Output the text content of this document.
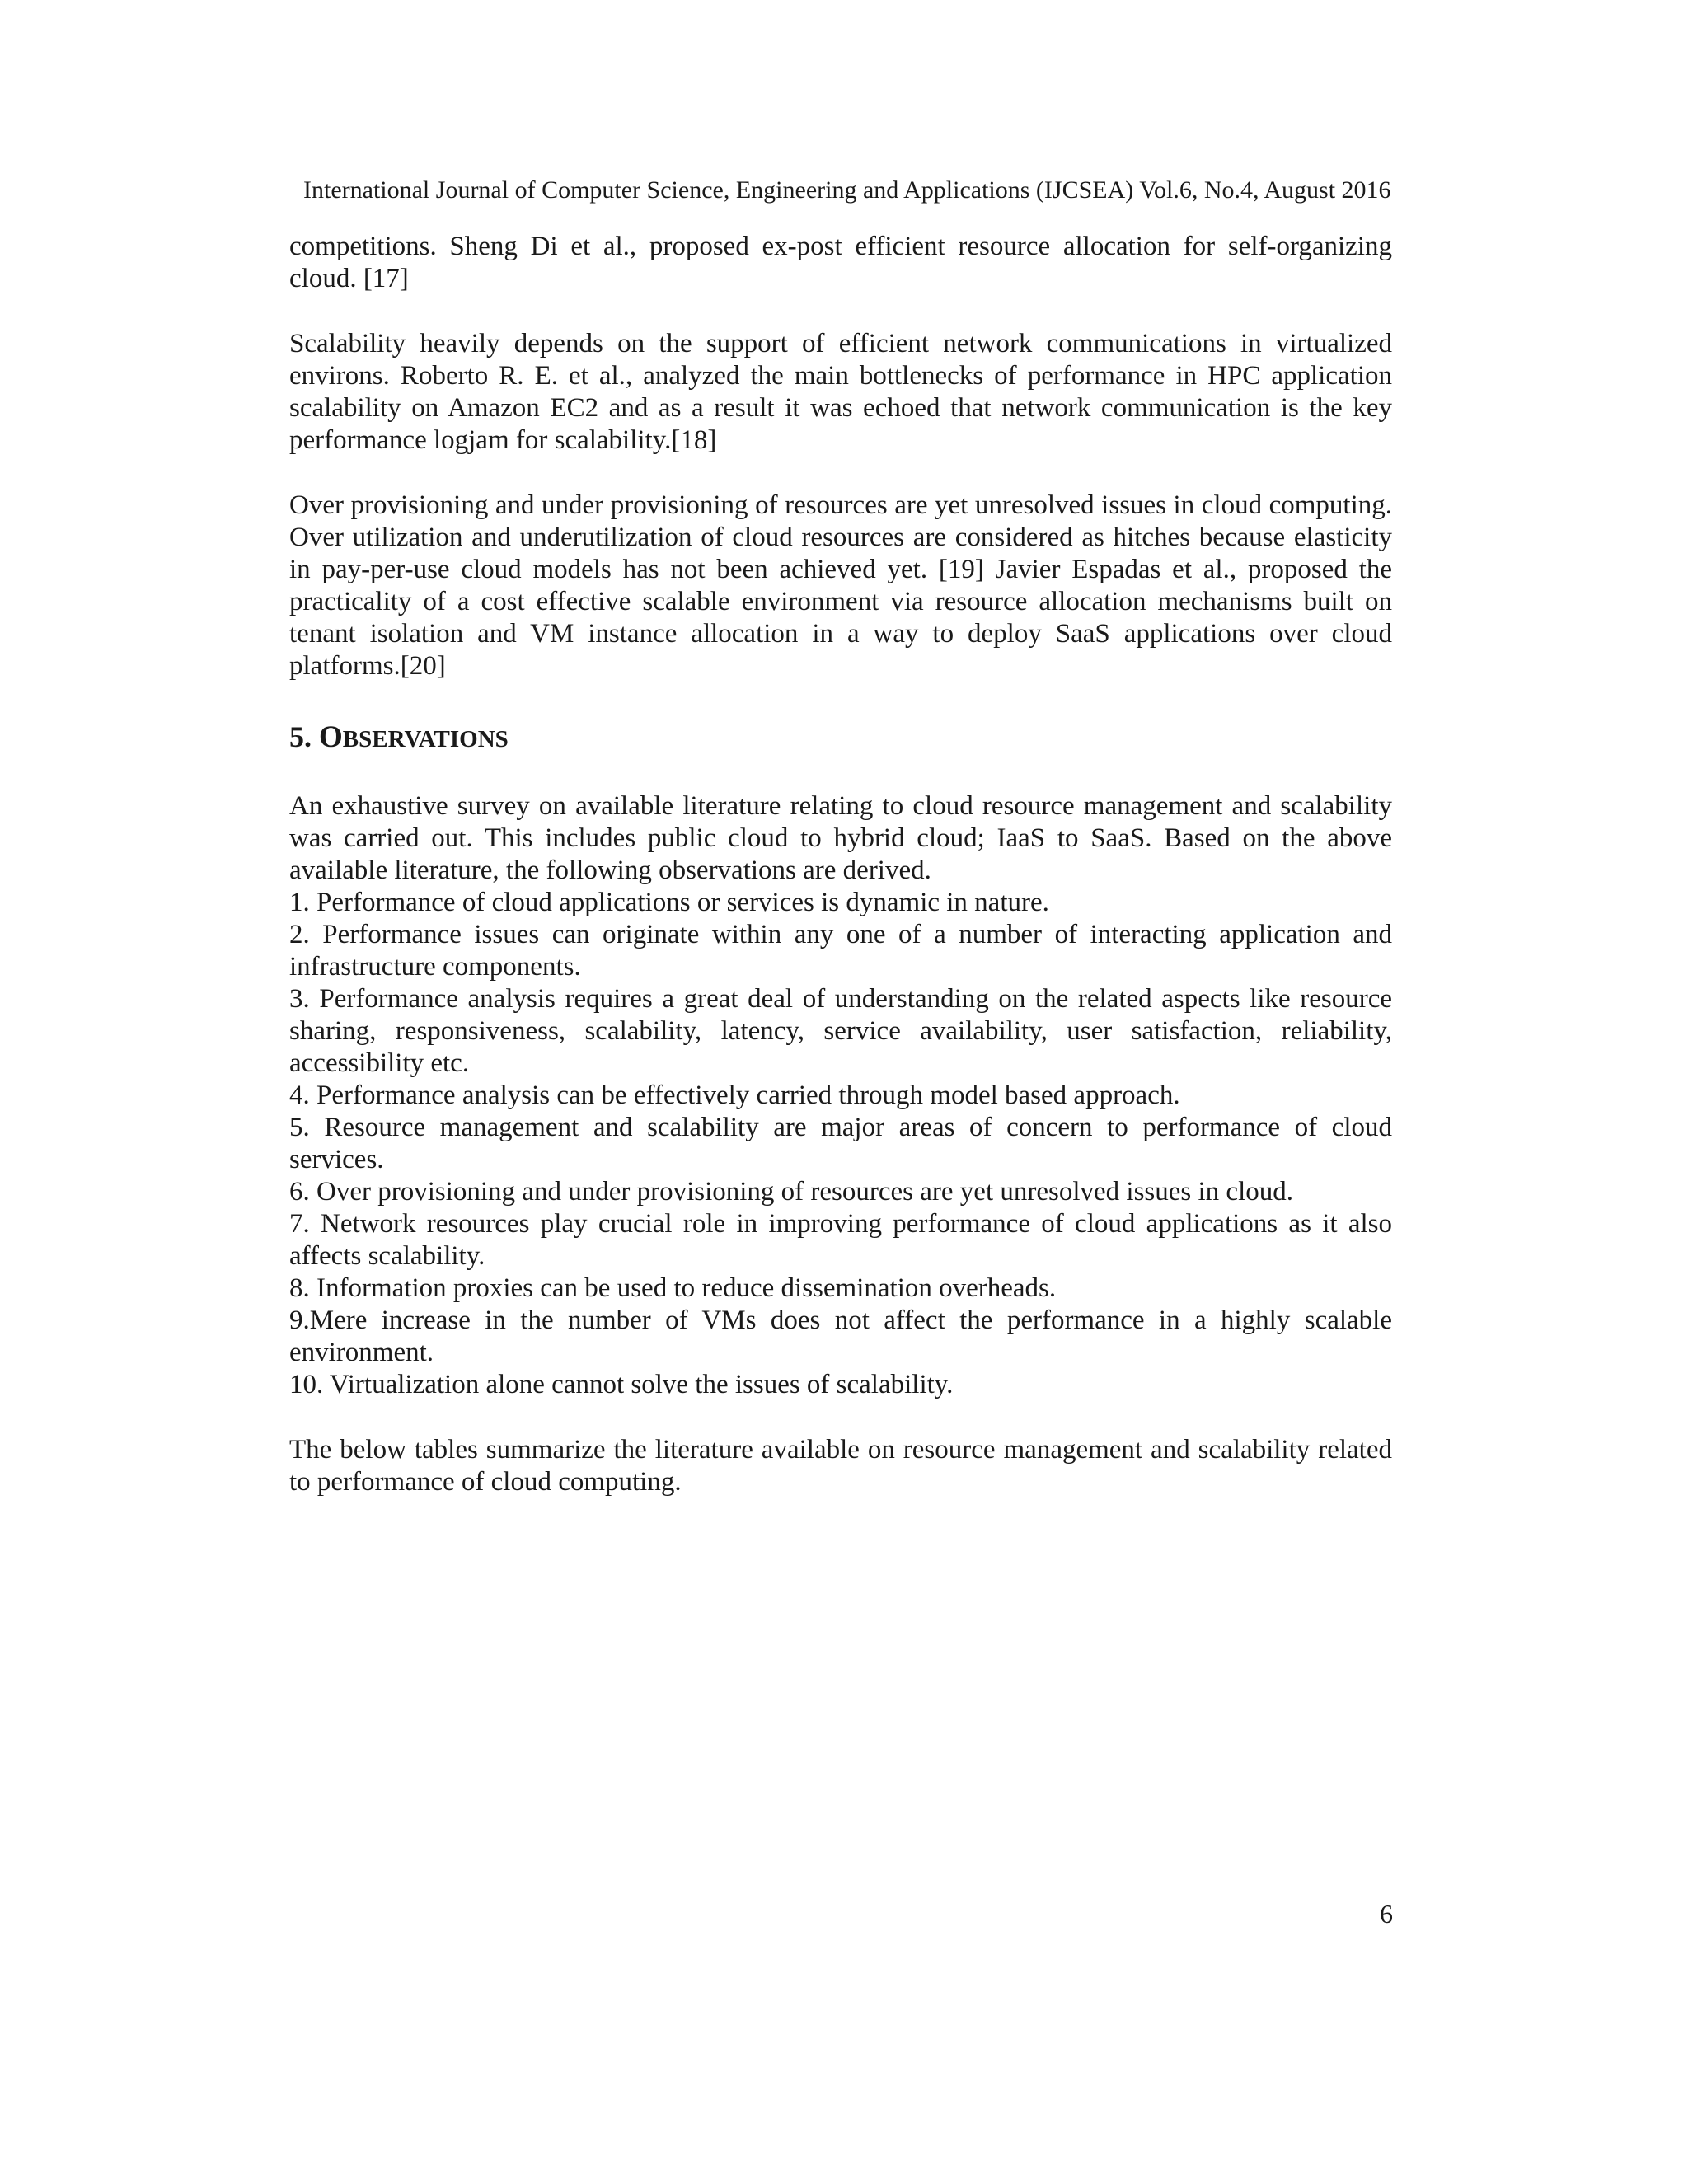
International Journal of Computer Science, Engineering and Applications (IJCSEA) Vol.6, No.4, August 2016

competitions. Sheng Di et al., proposed ex-post efficient resource allocation for self-organizing cloud. [17]

Scalability heavily depends on the support of efficient network communications in virtualized environs. Roberto R. E. et al., analyzed the main bottlenecks of performance in HPC application scalability on Amazon EC2 and as a result it was echoed that network communication is the key performance logjam for scalability.[18]

Over provisioning and under provisioning of resources are yet unresolved issues in cloud computing. Over utilization and underutilization of cloud resources are considered as hitches because elasticity in pay-per-use cloud models has not been achieved yet. [19] Javier Espadas et al., proposed the practicality of a cost effective scalable environment via resource allocation mechanisms built on tenant isolation and VM instance allocation in a way to deploy SaaS applications over cloud platforms.[20]

5. OBSERVATIONS

An exhaustive survey on available literature relating to cloud resource management and scalability was carried out. This includes public cloud to hybrid cloud; IaaS to SaaS. Based on the above available literature, the following observations are derived.

1. Performance of cloud applications or services is dynamic in nature.
2. Performance issues can originate within any one of a number of interacting application and infrastructure components.
3. Performance analysis requires a great deal of understanding on the related aspects like resource sharing, responsiveness, scalability, latency, service availability, user satisfaction, reliability, accessibility etc.
4. Performance analysis can be effectively carried through model based approach.
5. Resource management and scalability are major areas of concern to performance of cloud services.
6. Over provisioning and under provisioning of resources are yet unresolved issues in cloud.
7. Network resources play crucial role in improving performance of cloud applications as it also affects scalability.
8. Information proxies can be used to reduce dissemination overheads.
9.Mere increase in the number of VMs does not affect the performance in a highly scalable environment.
10. Virtualization alone cannot solve the issues of scalability.

The below tables summarize the literature available on resource management and scalability related to performance of cloud computing.

6
